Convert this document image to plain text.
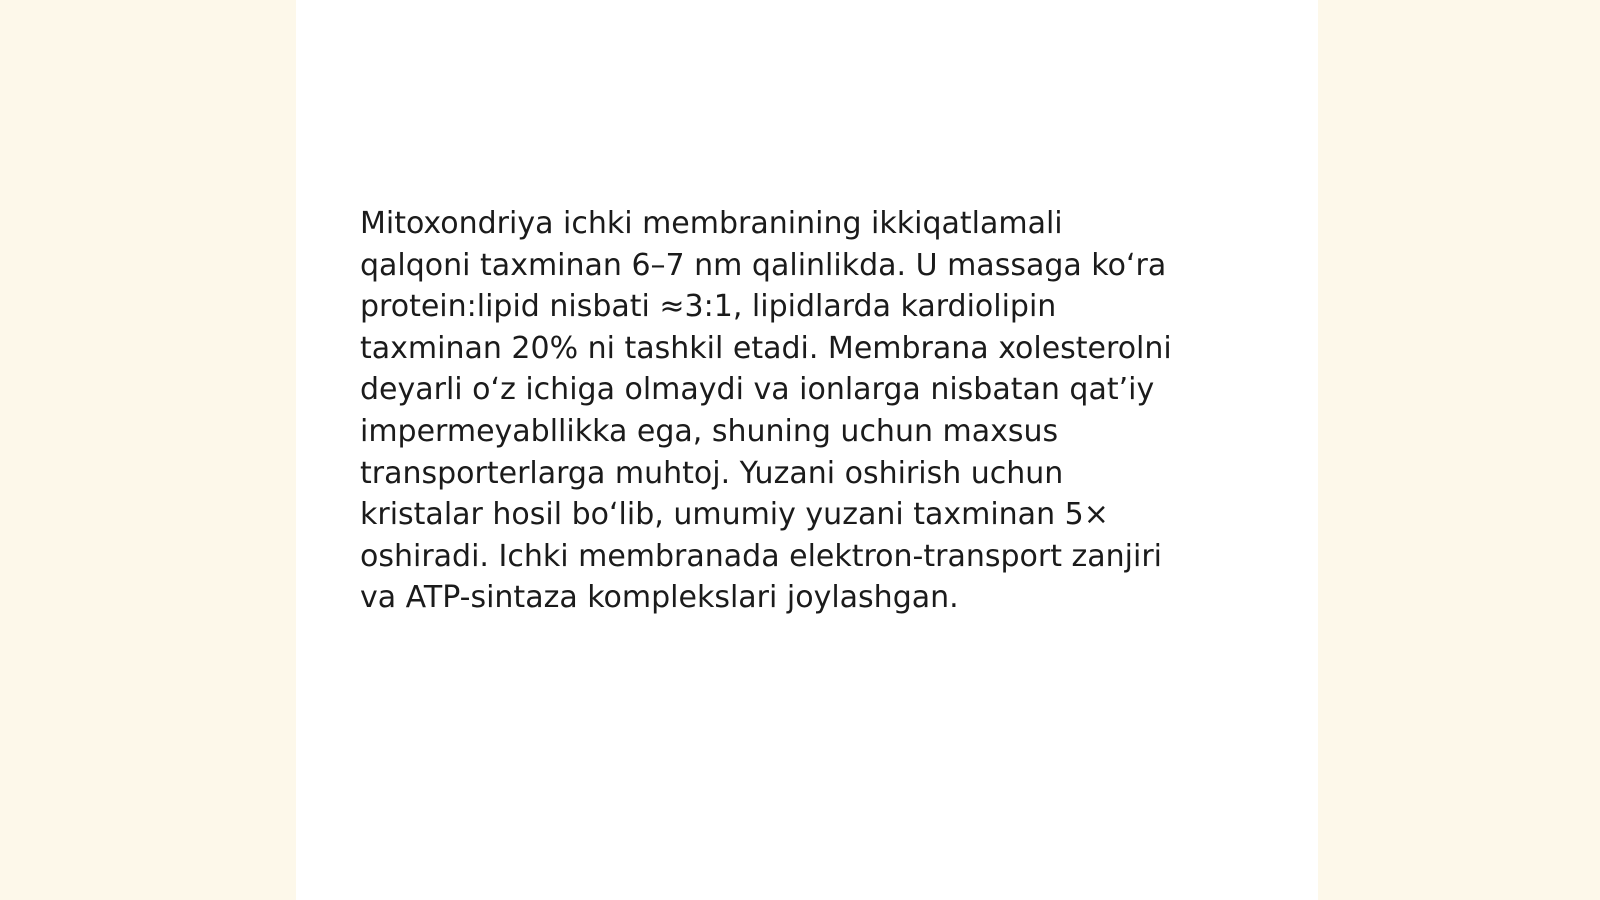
Mitoxondriya ichki membranining ikkiqatlamali
qalqoni taxminan 6–7 nm qalinlikda. U massaga koʻra
protein:lipid nisbati ≈3:1, lipidlarda kardiolipin
taxminan 20% ni tashkil etadi. Membrana xolesterolni
deyarli oʻz ichiga olmaydi va ionlarga nisbatan qatʼiy
impermeyabllikka ega, shuning uchun maxsus
transporterlarga muhtoj. Yuzani oshirish uchun
kristalar hosil boʻlib, umumiy yuzani taxminan 5×
oshiradi. Ichki membranada elektron-transport zanjiri
va ATP-sintaza komplekslari joylashgan.
